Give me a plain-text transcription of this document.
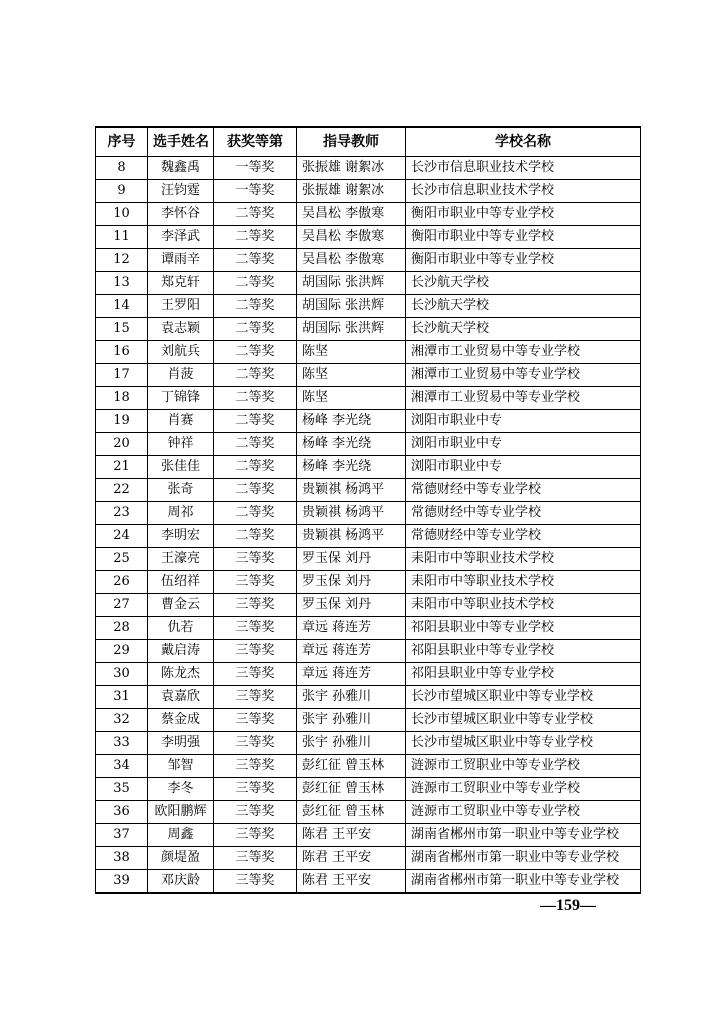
序号	选手姓名	获奖等第	指导教师	学校名称
8	魏鑫禹	一等奖	张振雄 谢絮冰	长沙市信息职业技术学校
9	汪钧霆	一等奖	张振雄 谢絮冰	长沙市信息职业技术学校
10	李怀谷	二等奖	吴昌松 李傲寒	衡阳市职业中等专业学校
11	李泽武	二等奖	吴昌松 李傲寒	衡阳市职业中等专业学校
12	谭雨辛	二等奖	吴昌松 李傲寒	衡阳市职业中等专业学校
13	郑克轩	二等奖	胡国际 张洪辉	长沙航天学校
14	王罗阳	二等奖	胡国际 张洪辉	长沙航天学校
15	袁志颖	二等奖	胡国际 张洪辉	长沙航天学校
16	刘航兵	二等奖	陈坚	湘潭市工业贸易中等专业学校
17	肖菠	二等奖	陈坚	湘潭市工业贸易中等专业学校
18	丁锦锋	二等奖	陈坚	湘潭市工业贸易中等专业学校
19	肖赛	二等奖	杨峰 李光绕	浏阳市职业中专
20	钟祥	二等奖	杨峰 李光绕	浏阳市职业中专
21	张佳佳	二等奖	杨峰 李光绕	浏阳市职业中专
22	张奇	二等奖	贵颖祺 杨鸿平	常德财经中等专业学校
23	周祁	二等奖	贵颖祺 杨鸿平	常德财经中等专业学校
24	李明宏	二等奖	贵颖祺 杨鸿平	常德财经中等专业学校
25	王濠亮	三等奖	罗玉保 刘丹	耒阳市中等职业技术学校
26	伍绍祥	三等奖	罗玉保 刘丹	耒阳市中等职业技术学校
27	曹金云	三等奖	罗玉保 刘丹	耒阳市中等职业技术学校
28	仇若	三等奖	章远 蒋连芳	祁阳县职业中等专业学校
29	戴启涛	三等奖	章远 蒋连芳	祁阳县职业中等专业学校
30	陈龙杰	三等奖	章远 蒋连芳	祁阳县职业中等专业学校
31	袁嘉欣	三等奖	张宇 孙雅川	长沙市望城区职业中等专业学校
32	蔡金成	三等奖	张宇 孙雅川	长沙市望城区职业中等专业学校
33	李明强	三等奖	张宇 孙雅川	长沙市望城区职业中等专业学校
34	邹智	三等奖	彭红征 曾玉林	涟源市工贸职业中等专业学校
35	李冬	三等奖	彭红征 曾玉林	涟源市工贸职业中等专业学校
36	欧阳鹏辉	三等奖	彭红征 曾玉林	涟源市工贸职业中等专业学校
37	周鑫	三等奖	陈君 王平安	湖南省郴州市第一职业中等专业学校
38	颜堤盈	三等奖	陈君 王平安	湖南省郴州市第一职业中等专业学校
39	邓庆龄	三等奖	陈君 王平安	湖南省郴州市第一职业中等专业学校
—159—
